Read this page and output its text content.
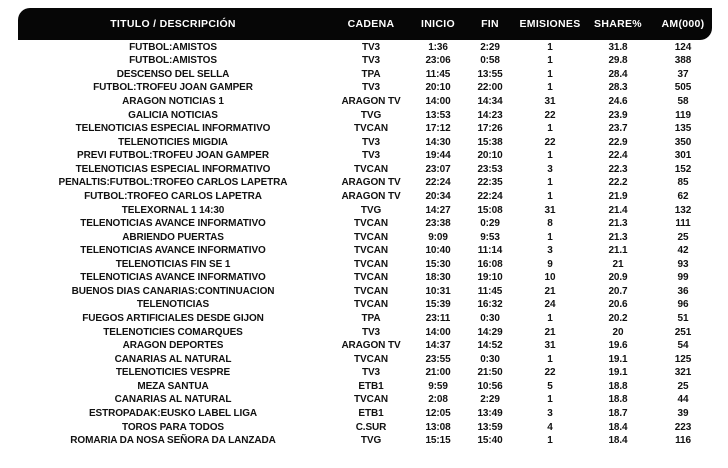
TITULO / DESCRIPCIÓN	CADENA	INICIO	FIN	EMISIONES	SHARE%	AM(000)
FUTBOL:AMISTOS	TV3	1:36	2:29	1	31.8	124
FUTBOL:AMISTOS	TV3	23:06	0:58	1	29.8	388
DESCENSO DEL SELLA	TPA	11:45	13:55	1	28.4	37
FUTBOL:TROFEU JOAN GAMPER	TV3	20:10	22:00	1	28.3	505
ARAGON NOTICIAS 1	ARAGON TV	14:00	14:34	31	24.6	58
GALICIA NOTICIAS	TVG	13:53	14:23	22	23.9	119
TELENOTICIAS ESPECIAL INFORMATIVO	TVCAN	17:12	17:26	1	23.7	135
TELENOTICIES MIGDIA	TV3	14:30	15:38	22	22.9	350
PREVI FUTBOL:TROFEU JOAN GAMPER	TV3	19:44	20:10	1	22.4	301
TELENOTICIAS ESPECIAL INFORMATIVO	TVCAN	23:07	23:53	3	22.3	152
PENALTIS:FUTBOL:TROFEO CARLOS LAPETRA	ARAGON TV	22:24	22:35	1	22.2	85
FUTBOL:TROFEO CARLOS LAPETRA	ARAGON TV	20:34	22:24	1	21.9	62
TELEXORNAL 1 14:30	TVG	14:27	15:08	31	21.4	132
TELENOTICIAS AVANCE INFORMATIVO	TVCAN	23:38	0:29	8	21.3	111
ABRIENDO PUERTAS	TVCAN	9:09	9:53	1	21.3	25
TELENOTICIAS AVANCE INFORMATIVO	TVCAN	10:40	11:14	3	21.1	42
TELENOTICIAS FIN SE 1	TVCAN	15:30	16:08	9	21	93
TELENOTICIAS AVANCE INFORMATIVO	TVCAN	18:30	19:10	10	20.9	99
BUENOS DIAS CANARIAS:CONTINUACION	TVCAN	10:31	11:45	21	20.7	36
TELENOTICIAS	TVCAN	15:39	16:32	24	20.6	96
FUEGOS ARTIFICIALES DESDE GIJON	TPA	23:11	0:30	1	20.2	51
TELENOTICIES COMARQUES	TV3	14:00	14:29	21	20	251
ARAGON DEPORTES	ARAGON TV	14:37	14:52	31	19.6	54
CANARIAS AL NATURAL	TVCAN	23:55	0:30	1	19.1	125
TELENOTICIES VESPRE	TV3	21:00	21:50	22	19.1	321
MEZA SANTUA	ETB1	9:59	10:56	5	18.8	25
CANARIAS AL NATURAL	TVCAN	2:08	2:29	1	18.8	44
ESTROPADAK:EUSKO LABEL LIGA	ETB1	12:05	13:49	3	18.7	39
TOROS PARA TODOS	C.SUR	13:08	13:59	4	18.4	223
ROMARIA DA NOSA SEÑORA DA LANZADA	TVG	15:15	15:40	1	18.4	116
